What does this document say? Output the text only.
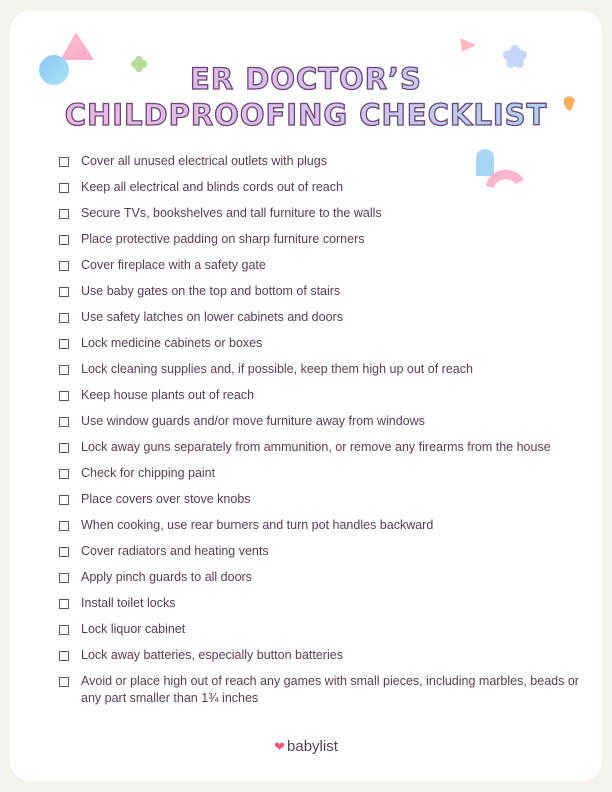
ER DOCTOR’S
CHILDPROOFING CHECKLIST
Cover all unused electrical outlets with plugs
Keep all electrical and blinds cords out of reach
Secure TVs, bookshelves and tall furniture to the walls
Place protective padding on sharp furniture corners
Cover fireplace with a safety gate
Use baby gates on the top and bottom of stairs
Use safety latches on lower cabinets and doors
Lock medicine cabinets or boxes
Lock cleaning supplies and, if possible, keep them high up out of reach
Keep house plants out of reach
Use window guards and/or move furniture away from windows
Lock away guns separately from ammunition, or remove any firearms from the house
Check for chipping paint
Place covers over stove knobs
When cooking, use rear burners and turn pot handles backward
Cover radiators and heating vents
Apply pinch guards to all doors
Install toilet locks
Lock liquor cabinet
Lock away batteries, especially button batteries
Avoid or place high out of reach any games with small pieces, including marbles, beads or any part smaller than 1¾ inches
❤ babylist
